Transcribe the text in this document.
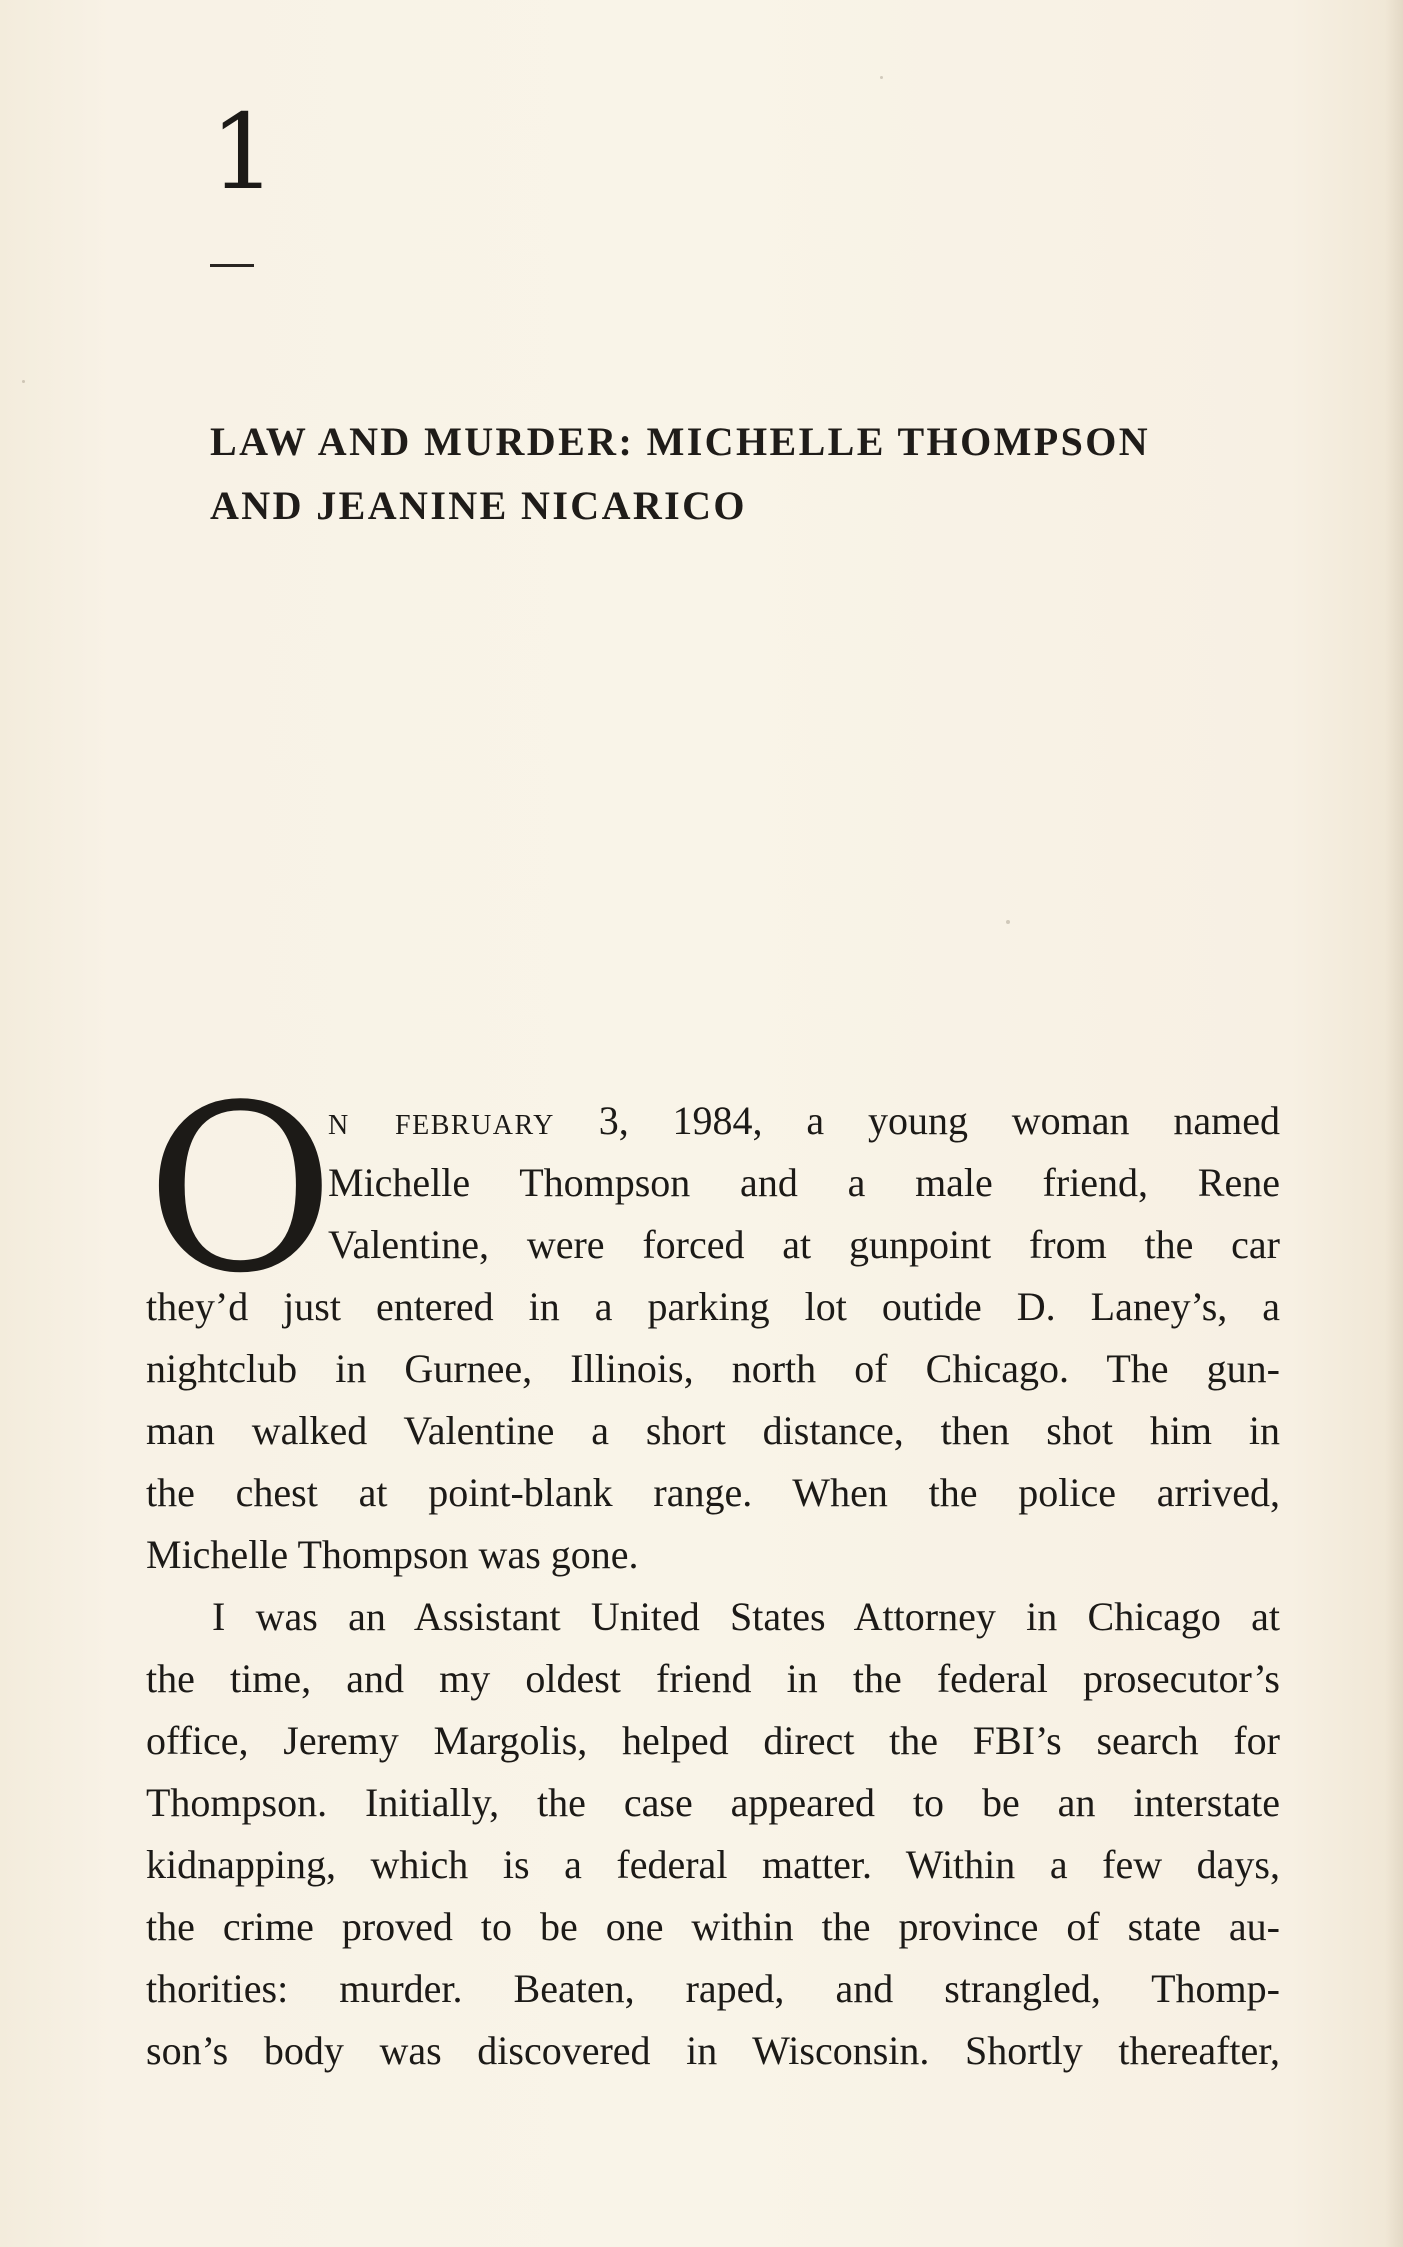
1
LAW AND MURDER: MICHELLE THOMPSON
AND JEANINE NICARICO
O
n february 3, 1984, a young woman named
Michelle Thompson and a male friend, Rene
Valentine, were forced at gunpoint from the car
they’d just entered in a parking lot outide D. Laney’s, a
nightclub in Gurnee, Illinois, north of Chicago. The gun-
man walked Valentine a short distance, then shot him in
the chest at point-blank range. When the police arrived,
Michelle Thompson was gone.
I was an Assistant United States Attorney in Chicago at
the time, and my oldest friend in the federal prosecutor’s
office, Jeremy Margolis, helped direct the FBI’s search for
Thompson. Initially, the case appeared to be an interstate
kidnapping, which is a federal matter. Within a few days,
the crime proved to be one within the province of state au-
thorities: murder. Beaten, raped, and strangled, Thomp-
son’s body was discovered in Wisconsin. Shortly thereafter,
